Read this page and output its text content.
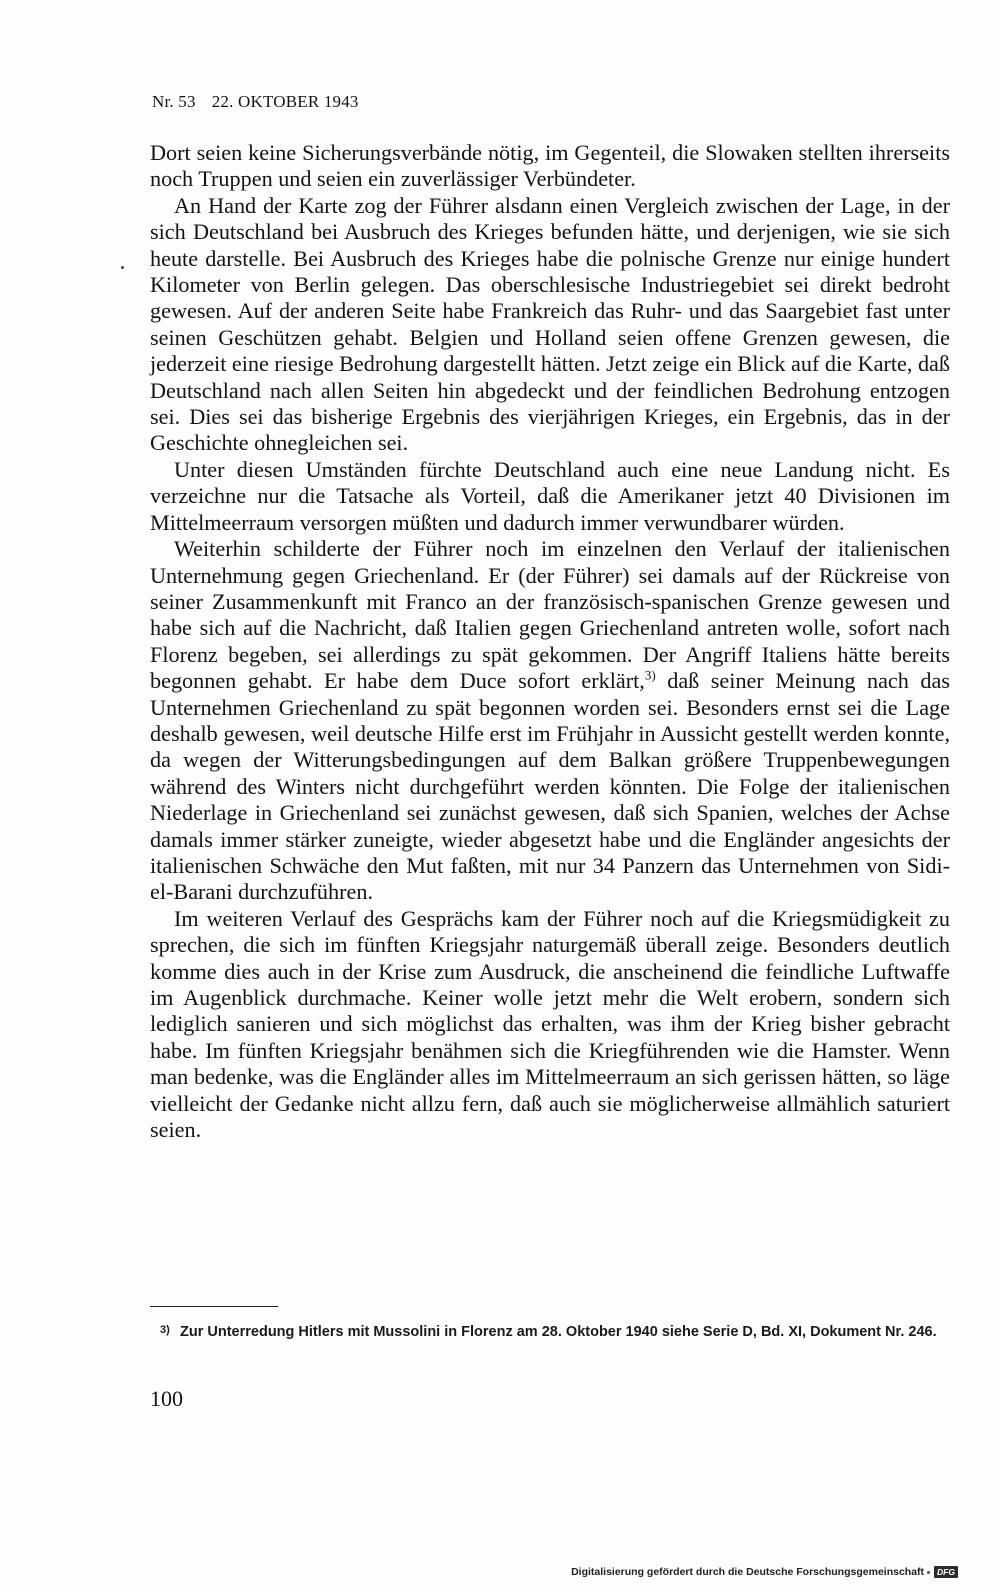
Nr. 53 22. OKTOBER 1943

Dort seien keine Sicherungsverbände nötig, im Gegenteil, die Slowaken stellten ihrerseits noch Truppen und seien ein zuverlässiger Verbündeter.

An Hand der Karte zog der Führer alsdann einen Vergleich zwischen der Lage, in der sich Deutschland bei Ausbruch des Krieges befunden hätte, und derjenigen, wie sie sich heute darstelle. Bei Ausbruch des Krieges habe die polnische Grenze nur einige hundert Kilometer von Berlin gelegen. Das oberschlesische Industriegebiet sei direkt bedroht gewesen. Auf der anderen Seite habe Frankreich das Ruhr- und das Saargebiet fast unter seinen Geschützen gehabt. Belgien und Holland seien offene Grenzen gewesen, die jederzeit eine riesige Bedrohung dargestellt hätten. Jetzt zeige ein Blick auf die Karte, daß Deutschland nach allen Seiten hin abgedeckt und der feindlichen Bedrohung entzogen sei. Dies sei das bisherige Ergebnis des vierjährigen Krieges, ein Ergebnis, das in der Geschichte ohnegleichen sei.

Unter diesen Umständen fürchte Deutschland auch eine neue Landung nicht. Es verzeichne nur die Tatsache als Vorteil, daß die Amerikaner jetzt 40 Divisionen im Mittelmeerraum versorgen müßten und dadurch immer verwundbarer würden.

Weiterhin schilderte der Führer noch im einzelnen den Verlauf der italienischen Unternehmung gegen Griechenland. Er (der Führer) sei damals auf der Rückreise von seiner Zusammenkunft mit Franco an der französisch-spanischen Grenze gewesen und habe sich auf die Nachricht, daß Italien gegen Griechenland antreten wolle, sofort nach Florenz begeben, sei allerdings zu spät gekommen. Der Angriff Italiens hätte bereits begonnen gehabt. Er habe dem Duce sofort erklärt,$^{3)}$ daß seiner Meinung nach das Unternehmen Griechenland zu spät begonnen worden sei. Besonders ernst sei die Lage deshalb gewesen, weil deutsche Hilfe erst im Frühjahr in Aussicht gestellt werden konnte, da wegen der Witterungsbedingungen auf dem Balkan größere Truppenbewegungen während des Winters nicht durchgeführt werden könnten. Die Folge der italienischen Niederlage in Griechenland sei zunächst gewesen, daß sich Spanien, welches der Achse damals immer stärker zuneigte, wieder abgesetzt habe und die Engländer angesichts der italienischen Schwäche den Mut faßten, mit nur 34 Panzern das Unternehmen von Sidi-el-Barani durchzuführen.

Im weiteren Verlauf des Gesprächs kam der Führer noch auf die Kriegsmüdigkeit zu sprechen, die sich im fünften Kriegsjahr naturgemäß überall zeige. Besonders deutlich komme dies auch in der Krise zum Ausdruck, die anscheinend die feindliche Luftwaffe im Augenblick durchmache. Keiner wolle jetzt mehr die Welt erobern, sondern sich lediglich sanieren und sich möglichst das erhalten, was ihm der Krieg bisher gebracht habe. Im fünften Kriegsjahr benähmen sich die Kriegführenden wie die Hamster. Wenn man bedenke, was die Engländer alles im Mittelmeerraum an sich gerissen hätten, so läge vielleicht der Gedanke nicht allzu fern, daß auch sie möglicherweise allmählich saturiert seien.

3) Zur Unterredung Hitlers mit Mussolini in Florenz am 28. Oktober 1940 siehe Serie D, Bd. XI, Dokument Nr. 246.
100
Digitalisierung gefördert durch die Deutsche Forschungsgemeinschaft	DFG
